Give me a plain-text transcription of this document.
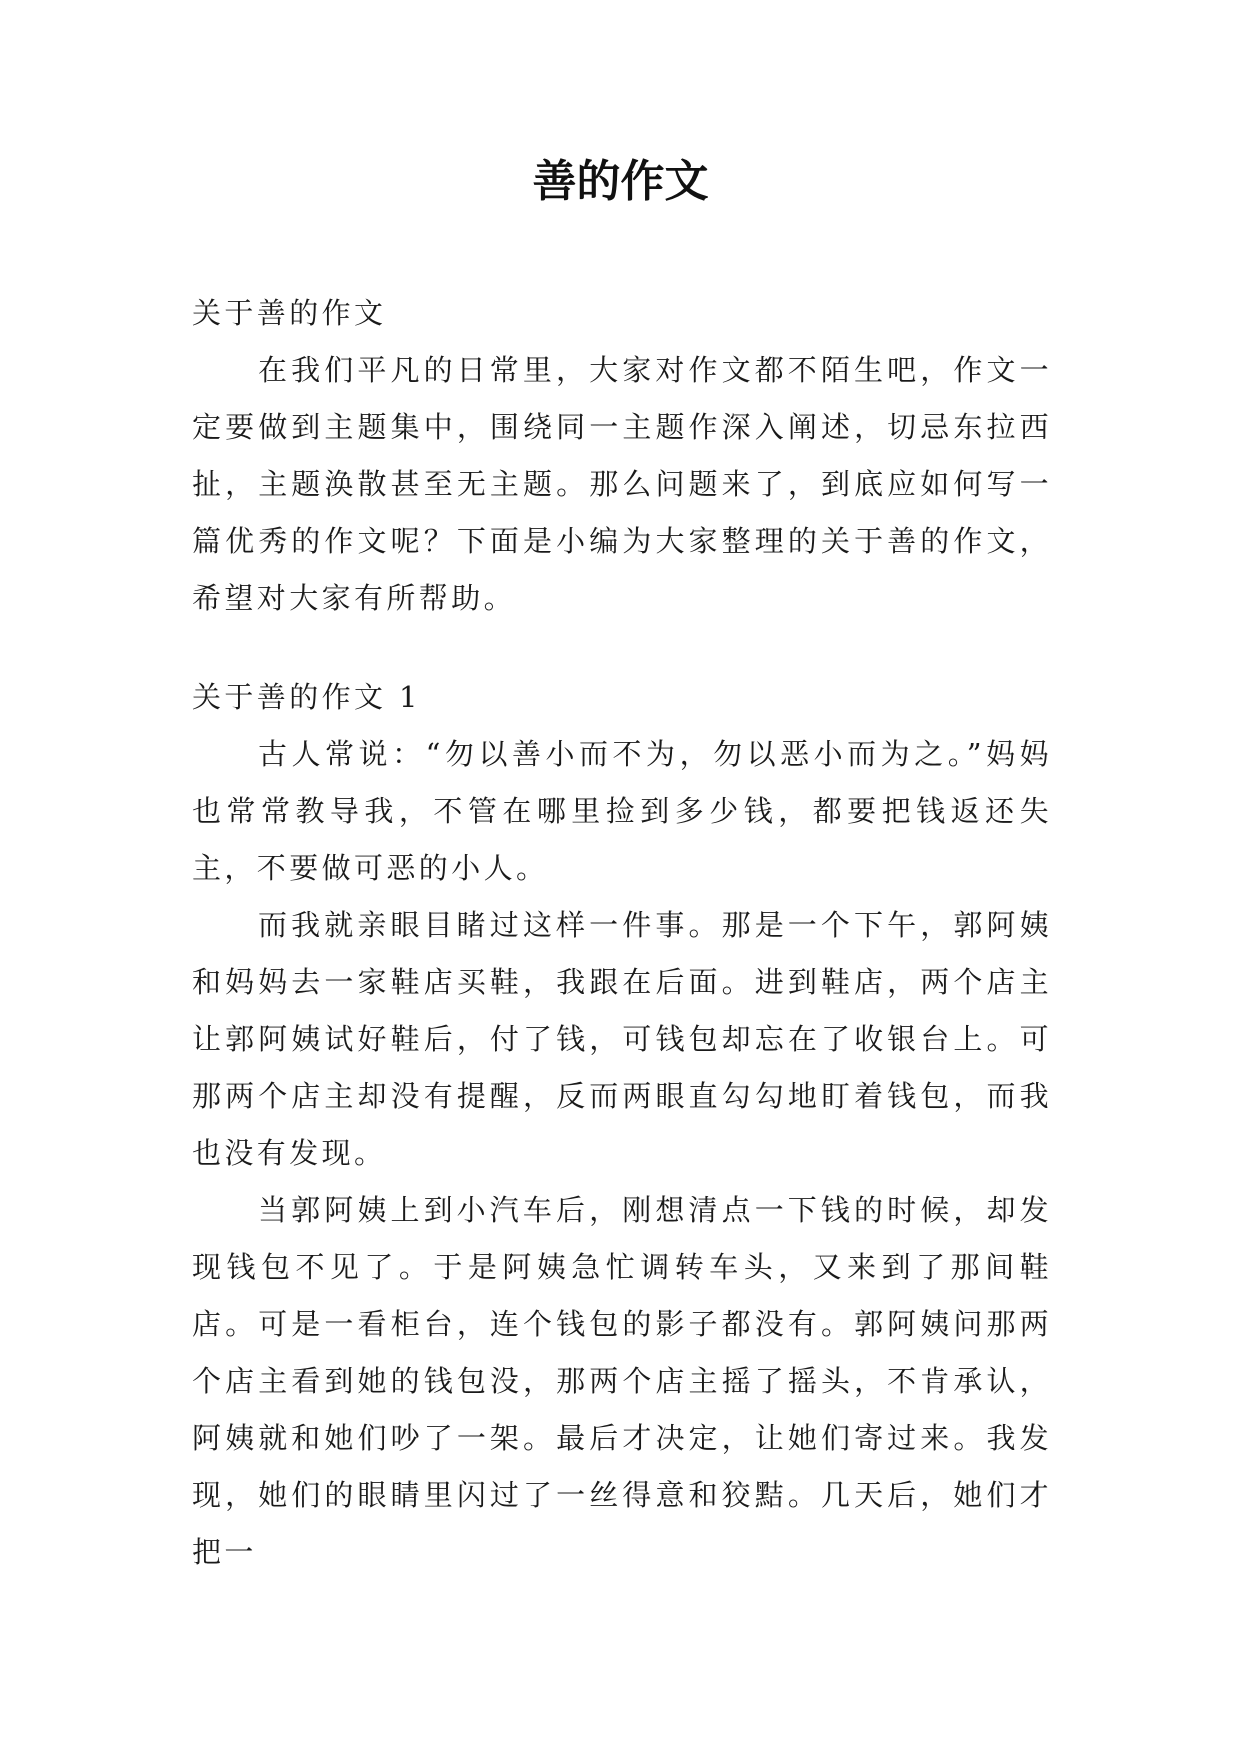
善的作文

关于善的作文

在我们平凡的日常里，大家对作文都不陌生吧，作文一定要做到主题集中，围绕同一主题作深入阐述，切忌东拉西扯，主题涣散甚至无主题。那么问题来了，到底应如何写一篇优秀的作文呢？下面是小编为大家整理的关于善的作文，希望对大家有所帮助。

关于善的作文 1

古人常说：“勿以善小而不为，勿以恶小而为之。”妈妈也常常教导我，不管在哪里捡到多少钱，都要把钱返还失主，不要做可恶的小人。

而我就亲眼目睹过这样一件事。那是一个下午，郭阿姨和妈妈去一家鞋店买鞋，我跟在后面。进到鞋店，两个店主让郭阿姨试好鞋后，付了钱，可钱包却忘在了收银台上。可那两个店主却没有提醒，反而两眼直勾勾地盯着钱包，而我也没有发现。

当郭阿姨上到小汽车后，刚想清点一下钱的时候，却发现钱包不见了。于是阿姨急忙调转车头，又来到了那间鞋店。可是一看柜台，连个钱包的影子都没有。郭阿姨问那两个店主看到她的钱包没，那两个店主摇了摇头，不肯承认，阿姨就和她们吵了一架。最后才决定，让她们寄过来。我发现，她们的眼睛里闪过了一丝得意和狡黠。几天后，她们才把一
